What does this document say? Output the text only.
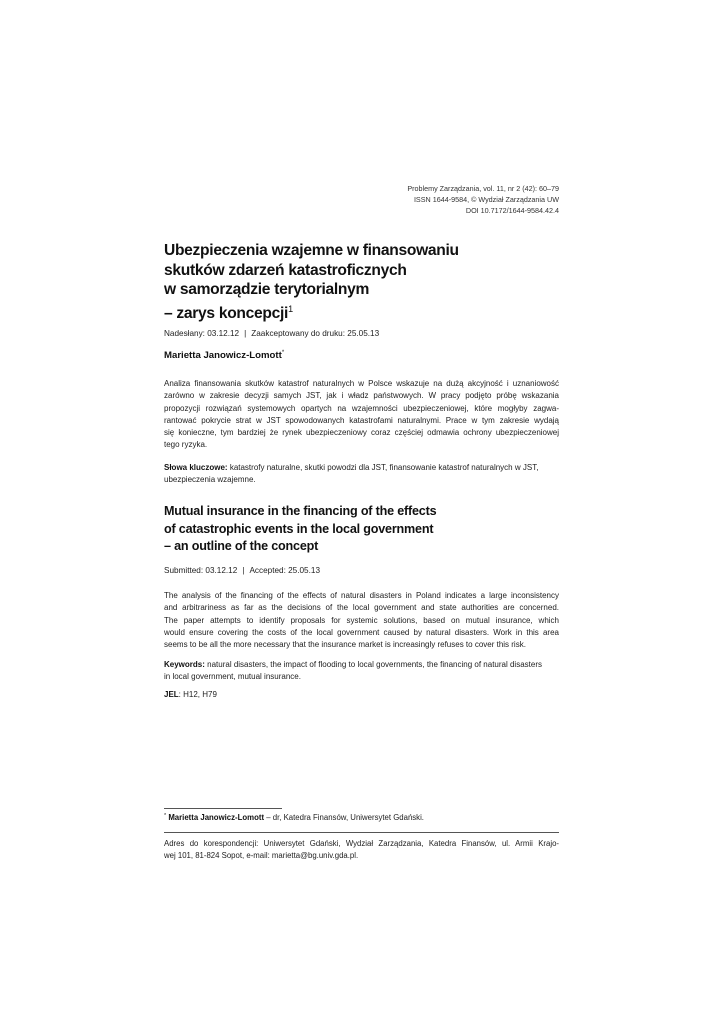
Problemy Zarządzania, vol. 11, nr 2 (42): 60–79
ISSN 1644-9584, © Wydział Zarządzania UW
DOI 10.7172/1644-9584.42.4
Ubezpieczenia wzajemne w finansowaniu
skutków zdarzeń katastroficznych
w samorządzie terytorialnym
– zarys koncepcji$^1$
Nadesłany: 03.12.12 | Zaakceptowany do druku: 25.05.13
Marietta Janowicz-Lomott*
Analiza finansowania skutków katastrof naturalnych w Polsce wskazuje na dużą akcyjność i uznaniowość
zarówno w zakresie decyzji samych JST, jak i władz państwowych. W pracy podjęto próbę wskazania
propozycji rozwiązań systemowych opartych na wzajemności ubezpieczeniowej, które mogłyby zagwa-
rantować pokrycie strat w JST spowodowanych katastrofami naturalnymi. Prace w tym zakresie wydają
się konieczne, tym bardziej że rynek ubezpieczeniowy coraz częściej odmawia ochrony ubezpieczeniowej
tego ryzyka.
Słowa kluczowe: katastrofy naturalne, skutki powodzi dla JST, finansowanie katastrof naturalnych w JST,
ubezpieczenia wzajemne.
Mutual insurance in the financing of the effects
of catastrophic events in the local government
– an outline of the concept
Submitted: 03.12.12 | Accepted: 25.05.13
The analysis of the financing of the effects of natural disasters in Poland indicates a large inconsistency
and arbitrariness as far as the decisions of the local government and state authorities are concerned.
The paper attempts to identify proposals for systemic solutions, based on mutual insurance, which
would ensure covering the costs of the local government caused by natural disasters. Work in this area
seems to be all the more necessary that the insurance market is increasingly refuses to cover this risk.
Keywords: natural disasters, the impact of flooding to local governments, the financing of natural disasters
in local government, mutual insurance.
JEL: H12, H79
* Marietta Janowicz-Lomott – dr, Katedra Finansów, Uniwersytet Gdański.
Adres do korespondencji: Uniwersytet Gdański, Wydział Zarządzania, Katedra Finansów, ul. Armii Krajo-
wej 101, 81-824 Sopot, e-mail: marietta@bg.univ.gda.pl.
